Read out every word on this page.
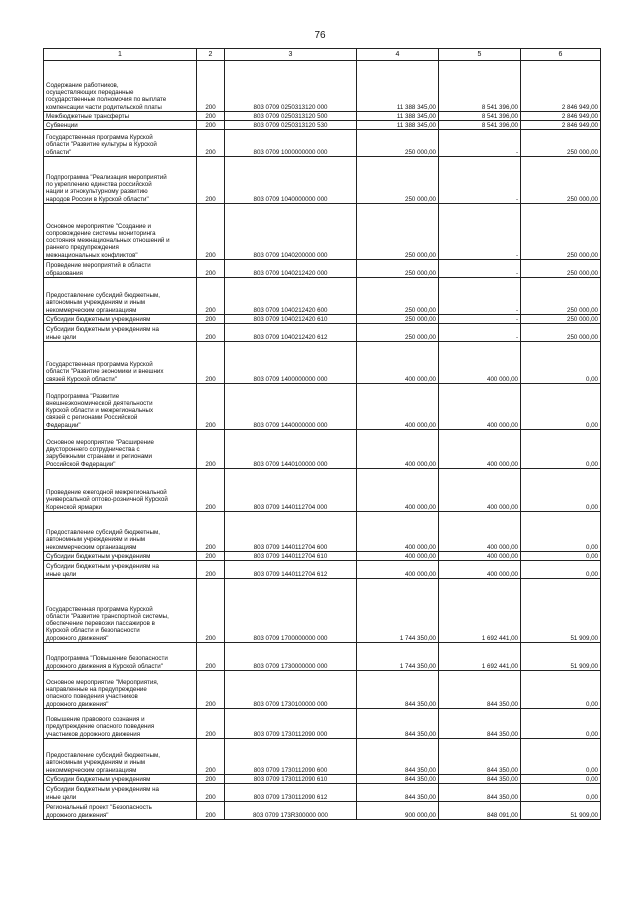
76
1	2	3	4	5	6

Содержание работников,
осуществляющих переданные
государственные полномочия по выплате
компенсации части родительской платы	200	803 0709 0250313120 000	11 388 345,00	8 541 396,00	2 846 949,00

Межбюджетные трансферты	200	803 0709 0250313120 500	11 388 345,00	8 541 396,00	2 846 949,00

Субвенции	200	803 0709 0250313120 530	11 388 345,00	8 541 396,00	2 846 949,00

Государственная программа Курской
области "Развитие культуры в Курской
области"	200	803 0709 1000000000 000	250 000,00	-	250 000,00

Подпрограмма "Реализация мероприятий
по укреплению единства российской
нации и этнокультурному развитию
народов России в Курской области"	200	803 0709 1040000000 000	250 000,00	-	250 000,00

Основное мероприятие "Создание и
сопровождение системы мониторинга
состояния межнациональных отношений и
раннего предупреждения
межнациональных конфликтов"	200	803 0709 1040200000 000	250 000,00	-	250 000,00

Проведение мероприятий в области
образования	200	803 0709 1040212420 000	250 000,00	-	250 000,00

Предоставление субсидий бюджетным,
автономным учреждениям и иным
некоммерческим организациям	200	803 0709 1040212420 600	250 000,00	-	250 000,00

Субсидии бюджетным учреждениям	200	803 0709 1040212420 610	250 000,00	-	250 000,00

Субсидии бюджетным учреждениям на
иные цели	200	803 0709 1040212420 612	250 000,00	-	250 000,00

Государственная программа Курской
области "Развитие экономики и внешних
связей Курской области"	200	803 0709 1400000000 000	400 000,00	400 000,00	0,00

Подпрограмма "Развитие
внешнеэкономической деятельности
Курской области и межрегиональных
связей с регионами Российской
Федерации"	200	803 0709 1440000000 000	400 000,00	400 000,00	0,00

Основное мероприятие "Расширение
двустороннего сотрудничества с
зарубежными странами и регионами
Российской Федерации"	200	803 0709 1440100000 000	400 000,00	400 000,00	0,00

Проведение ежегодной межрегиональной
универсальной оптово-розничной Курской
Коренской ярмарки	200	803 0709 1440112704 000	400 000,00	400 000,00	0,00

Предоставление субсидий бюджетным,
автономным учреждениям и иным
некоммерческим организациям	200	803 0709 1440112704 600	400 000,00	400 000,00	0,00

Субсидии бюджетным учреждениям	200	803 0709 1440112704 610	400 000,00	400 000,00	0,00

Субсидии бюджетным учреждениям на
иные цели	200	803 0709 1440112704 612	400 000,00	400 000,00	0,00

Государственная программа Курской
области "Развитие транспортной системы,
обеспечение перевозки пассажиров в
Курской области и безопасности
дорожного движения"	200	803 0709 1700000000 000	1 744 350,00	1 692 441,00	51 909,00

Подпрограмма "Повышение безопасности
дорожного движения в Курской области"	200	803 0709 1730000000 000	1 744 350,00	1 692 441,00	51 909,00

Основное мероприятие "Мероприятия,
направленные на предупреждение
опасного поведения участников
дорожного движения"	200	803 0709 1730100000 000	844 350,00	844 350,00	0,00

Повышение правового сознания и
предупреждение опасного поведения
участников дорожного движения	200	803 0709 1730112090 000	844 350,00	844 350,00	0,00

Предоставление субсидий бюджетным,
автономным учреждениям и иным
некоммерческим организациям	200	803 0709 1730112090 600	844 350,00	844 350,00	0,00

Субсидии бюджетным учреждениям	200	803 0709 1730112090 610	844 350,00	844 350,00	0,00

Субсидии бюджетным учреждениям на
иные цели	200	803 0709 1730112090 612	844 350,00	844 350,00	0,00

Региональный проект "Безопасность
дорожного движения"	200	803 0709 173R300000 000	900 000,00	848 091,00	51 909,00
